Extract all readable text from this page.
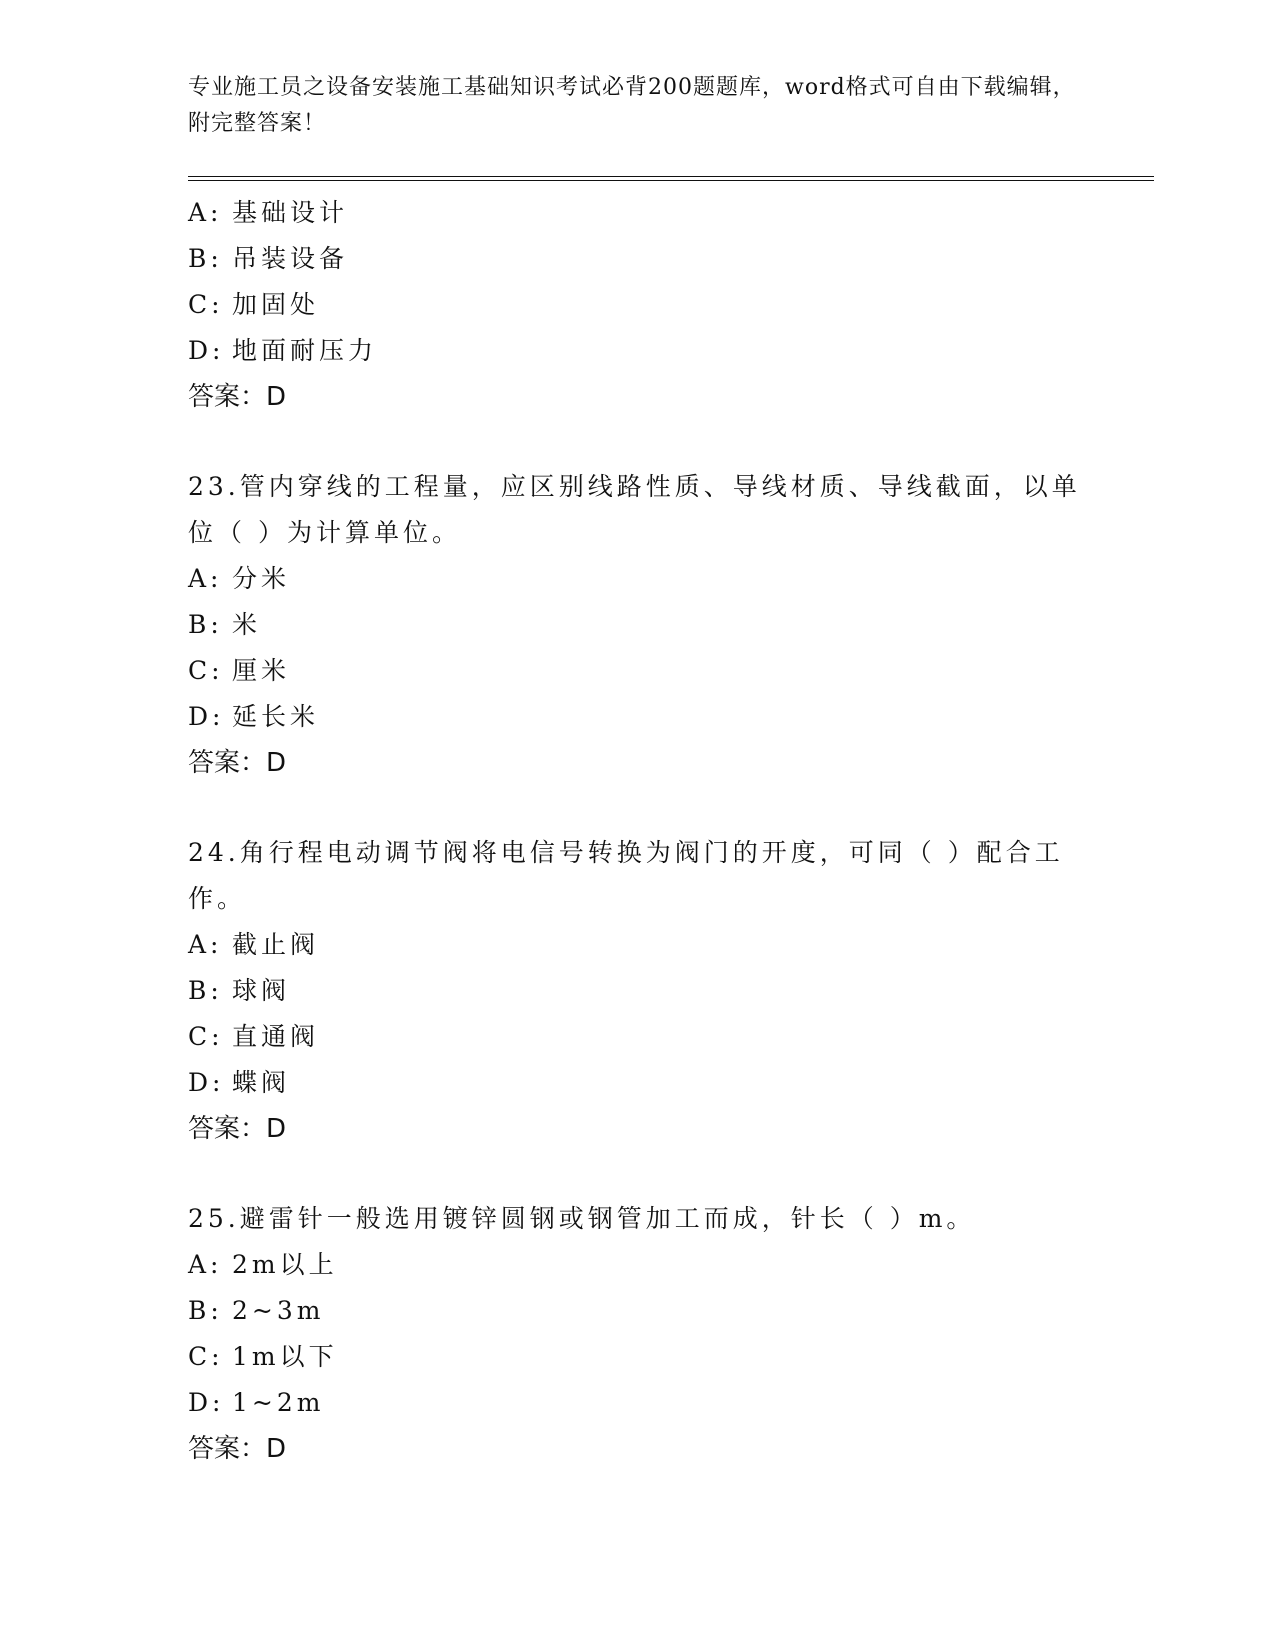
专业施工员之设备安装施工基础知识考试必背200题题库，word格式可自由下载编辑，附完整答案！
A: 基础设计
B: 吊装设备
C: 加固处
D: 地面耐压力
答案：D

23.管内穿线的工程量，应区别线路性质、导线材质、导线截面，以单位（ ）为计算单位。

A: 分米
B: 米
C: 厘米
D: 延长米
答案：D

24.角行程电动调节阀将电信号转换为阀门的开度，可同（ ）配合工作。

A: 截止阀
B: 球阀
C: 直通阀
D: 蝶阀
答案：D

25.避雷针一般选用镀锌圆钢或钢管加工而成，针长（ ）m。

A: 2m以上
B: 2~3m
C: 1m以下
D: 1~2m
答案：D
